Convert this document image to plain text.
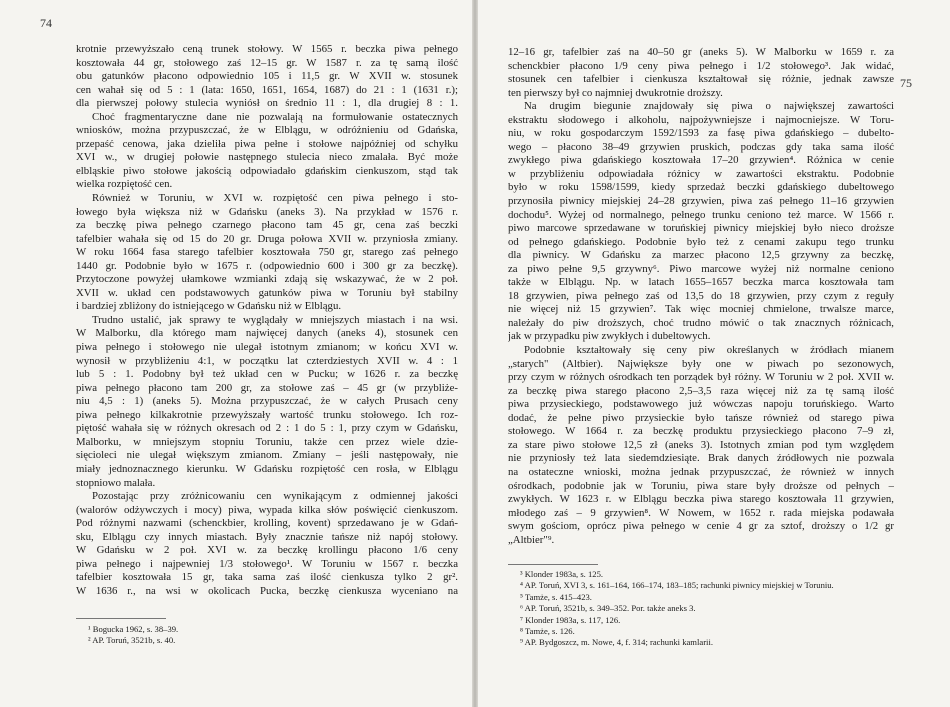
74
krotnie przewyższało ceną trunek stołowy. W 1565 r. beczka piwa pełnego
kosztowała 44 gr, stołowego zaś 12–15 gr. W 1587 r. za tę samą ilość
obu gatunków płacono odpowiednio 105 i 11,5 gr. W XVII w. stosunek
cen wahał się od 5 : 1 (lata: 1650, 1651, 1654, 1687) do 21 : 1 (1631 r.);
dla pierwszej połowy stulecia wyniósł on średnio 11 : 1, dla drugiej 8 : 1.
Choć fragmentaryczne dane nie pozwalają na formułowanie ostatecznych
wniosków, można przypuszczać, że w Elblągu, w odróżnieniu od Gdańska,
przepaść cenowa, jaka dzieliła piwa pełne i stołowe najpóźniej od schyłku
XVI w., w drugiej połowie następnego stulecia nieco zmalała. Być może
elbląskie piwo stołowe jakością odpowiadało gdańskim cienkuszom, stąd tak
wielka rozpiętość cen.
Również w Toruniu, w XVI w. rozpiętość cen piwa pełnego i sto-
łowego była większa niż w Gdańsku (aneks 3). Na przykład w 1576 r.
za beczkę piwa pełnego czarnego płacono tam 45 gr, cena zaś beczki
tafelbier wahała się od 15 do 20 gr. Druga połowa XVII w. przyniosła zmiany.
W roku 1664 fasa starego tafelbier kosztowała 750 gr, starego zaś pełnego
1440 gr. Podobnie było w 1675 r. (odpowiednio 600 i 300 gr za beczkę).
Przytoczone powyżej ułamkowe wzmianki zdają się wskazywać, że w 2 poł.
XVII w. układ cen podstawowych gatunków piwa w Toruniu był stabilny
i bardziej zbliżony do istniejącego w Gdańsku niż w Elblągu.
Trudno ustalić, jak sprawy te wyglądały w mniejszych miastach i na wsi.
W Malborku, dla którego mam najwięcej danych (aneks 4), stosunek cen
piwa pełnego i stołowego nie ulegał istotnym zmianom; w końcu XVI w.
wynosił w przybliżeniu 4:1, w początku lat czterdziestych XVII w. 4 : 1
lub 5 : 1. Podobny był też układ cen w Pucku; w 1626 r. za beczkę
piwa pełnego płacono tam 200 gr, za stołowe zaś – 45 gr (w przybliże-
niu 4,5 : 1) (aneks 5). Można przypuszczać, że w całych Prusach ceny
piwa pełnego kilkakrotnie przewyższały wartość trunku stołowego. Ich roz-
piętość wahała się w różnych okresach od 2 : 1 do 5 : 1, przy czym w Gdańsku,
Malborku, w mniejszym stopniu Toruniu, także cen przez wiele dzie-
sięcioleci nie ulegał większym zmianom. Zmiany – jeśli następowały, nie
miały jednoznacznego kierunku. W Gdańsku rozpiętość cen rosła, w Elblągu
stopniowo malała.
Pozostając przy zróżnicowaniu cen wynikającym z odmiennej jakości
(walorów odżywczych i mocy) piwa, wypada kilka słów poświęcić cienkuszom.
Pod różnymi nazwami (schenckbier, krolling, kovent) sprzedawano je w Gdań-
sku, Elblągu czy innych miastach. Były znacznie tańsze niż napój stołowy.
W Gdańsku w 2 poł. XVI w. za beczkę krollingu płacono 1/6 ceny
piwa pełnego i najpewniej 1/3 stołowego¹. W Toruniu w 1567 r. beczka
tafelbier kosztowała 15 gr, taka sama zaś ilość cienkusza tylko 2 gr².
W 1636 r., na wsi w okolicach Pucka, beczkę cienkusza wyceniano na
¹ Bogucka 1962, s. 38–39.
² AP. Toruń, 3521b, s. 40.
75
12–16 gr, tafelbier zaś na 40–50 gr (aneks 5). W Malborku w 1659 r. za
schenckbier płacono 1/9 ceny piwa pełnego i 1/2 stołowego³. Jak widać,
stosunek cen tafelbier i cienkusza kształtował się różnie, jednak zawsze
ten pierwszy był co najmniej dwukrotnie droższy.
Na drugim biegunie znajdowały się piwa o największej zawartości
ekstraktu słodowego i alkoholu, najpożywniejsze i najmocniejsze. W Toru-
niu, w roku gospodarczym 1592/1593 za fasę piwa gdańskiego – dubelto-
wego – płacono 38–49 grzywien pruskich, podczas gdy taka sama ilość
zwykłego piwa gdańskiego kosztowała 17–20 grzywien⁴. Różnica w cenie
w przybliżeniu odpowiadała różnicy w zawartości ekstraktu. Podobnie
było w roku 1598/1599, kiedy sprzedaż beczki gdańskiego dubeltowego
przynosiła piwnicy miejskiej 24–28 grzywien, piwa zaś pełnego 11–16 grzywien
dochodu⁵. Wyżej od normalnego, pełnego trunku ceniono też marce. W 1566 r.
piwo marcowe sprzedawane w toruńskiej piwnicy miejskiej było nieco droższe
od pełnego gdańskiego. Podobnie było też z cenami zakupu tego trunku
dla piwnicy. W Gdańsku za marzec płacono 12,5 grzywny za beczkę,
za piwo pełne 9,5 grzywny⁶. Piwo marcowe wyżej niż normalne ceniono
także w Elblągu. Np. w latach 1655–1657 beczka marca kosztowała tam
18 grzywien, piwa pełnego zaś od 13,5 do 18 grzywien, przy czym z reguły
nie więcej niż 15 grzywien⁷. Tak więc mocniej chmielone, trwalsze marce,
należały do piw droższych, choć trudno mówić o tak znacznych różnicach,
jak w przypadku piw zwykłych i dubeltowych.
Podobnie kształtowały się ceny piw określanych w źródłach mianem
„starych" (Altbier). Największe były one w piwach po sezonowych,
przy czym w różnych ośrodkach ten porządek był różny. W Toruniu w 2 poł. XVII w.
za beczkę piwa starego płacono 2,5–3,5 raza więcej niż za tę samą ilość
piwa przysieckiego, podstawowego już wówczas napoju toruńskiego. Warto
dodać, że pełne piwo przysieckie było tańsze również od starego piwa
stołowego. W 1664 r. za beczkę produktu przysieckiego płacono 7–9 zł,
za stare piwo stołowe 12,5 zł (aneks 3). Istotnych zmian pod tym względem
nie przyniosły też lata siedemdziesiąte. Brak danych źródłowych nie pozwala
na ostateczne wnioski, można jednak przypuszczać, że również w innych
ośrodkach, podobnie jak w Toruniu, piwa stare były droższe od pełnych –
zwykłych. W 1623 r. w Elblągu beczka piwa starego kosztowała 11 grzywien,
młodego zaś – 9 grzywien⁸. W Nowem, w 1652 r. rada miejska podawała
swym gościom, oprócz piwa pełnego w cenie 4 gr za sztof, droższy o 1/2 gr
„Altbier"⁹.
³ Klonder 1983a, s. 125.
⁴ AP. Toruń, XVI 3, s. 161–164, 166–174, 183–185; rachunki piwnicy miejskiej w Toruniu.
⁵ Tamże, s. 415–423.
⁶ AP. Toruń, 3521b, s. 349–352. Por. także aneks 3.
⁷ Klonder 1983a, s. 117, 126.
⁸ Tamże, s. 126.
⁹ AP. Bydgoszcz, m. Nowe, 4, f. 314; rachunki kamlarii.
